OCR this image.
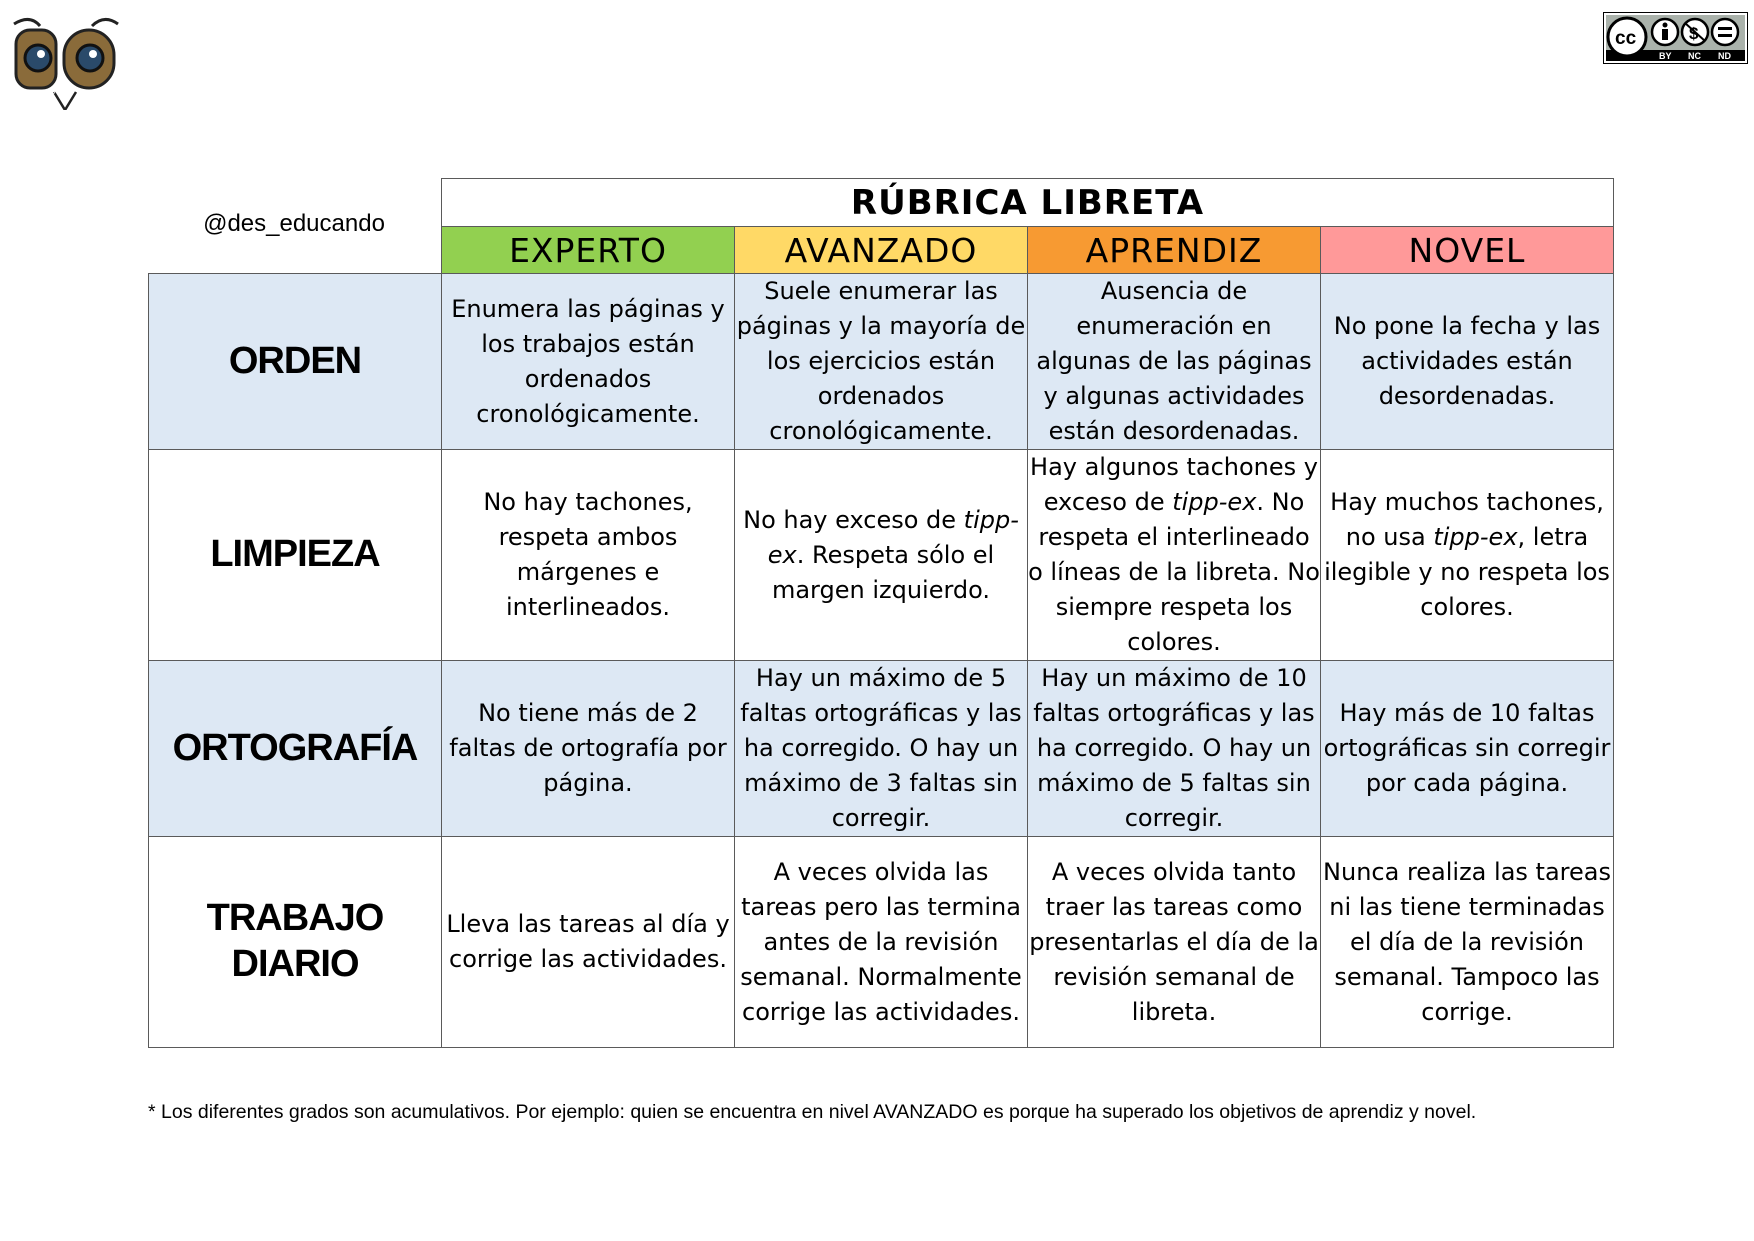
DO
cc	$
BY NC ND
@des_educando
	RÚBRICA LIBRETA			
	EXPERTO	AVANZADO	APRENDIZ	NOVEL
ORDEN	Enumera las páginas y los trabajos están ordenados cronológicamente.	Suele enumerar las páginas y la mayoría de los ejercicios están ordenados cronológicamente.	Ausencia de enumeración en algunas de las páginas y algunas actividades están desordenadas.	No pone la fecha y las actividades están desordenadas.
LIMPIEZA	No hay tachones, respeta ambos márgenes e interlineados.	No hay exceso de tipp-ex. Respeta sólo el margen izquierdo.	Hay algunos tachones y exceso de tipp-ex. No respeta el interlineado o líneas de la libreta. No siempre respeta los colores.	Hay muchos tachones, no usa tipp-ex, letra ilegible y no respeta los colores.
ORTOGRAFÍA	No tiene más de 2 faltas de ortografía por página.	Hay un máximo de 5 faltas ortográficas y las ha corregido. O hay un máximo de 3 faltas sin corregir.	Hay un máximo de 10 faltas ortográficas y las ha corregido. O hay un máximo de 5 faltas sin corregir.	Hay más de 10 faltas ortográficas sin corregir por cada página.
TRABAJO
DIARIO	Lleva las tareas al día y corrige las actividades.	A veces olvida las tareas pero las termina antes de la revisión semanal. Normalmente corrige las actividades.	A veces olvida tanto traer las tareas como presentarlas el día de la revisión semanal de libreta.	Nunca realiza las tareas ni las tiene terminadas el día de la revisión semanal. Tampoco las corrige.
* Los diferentes grados son acumulativos. Por ejemplo: quien se encuentra en nivel AVANZADO es porque ha superado los objetivos de aprendiz y novel.
